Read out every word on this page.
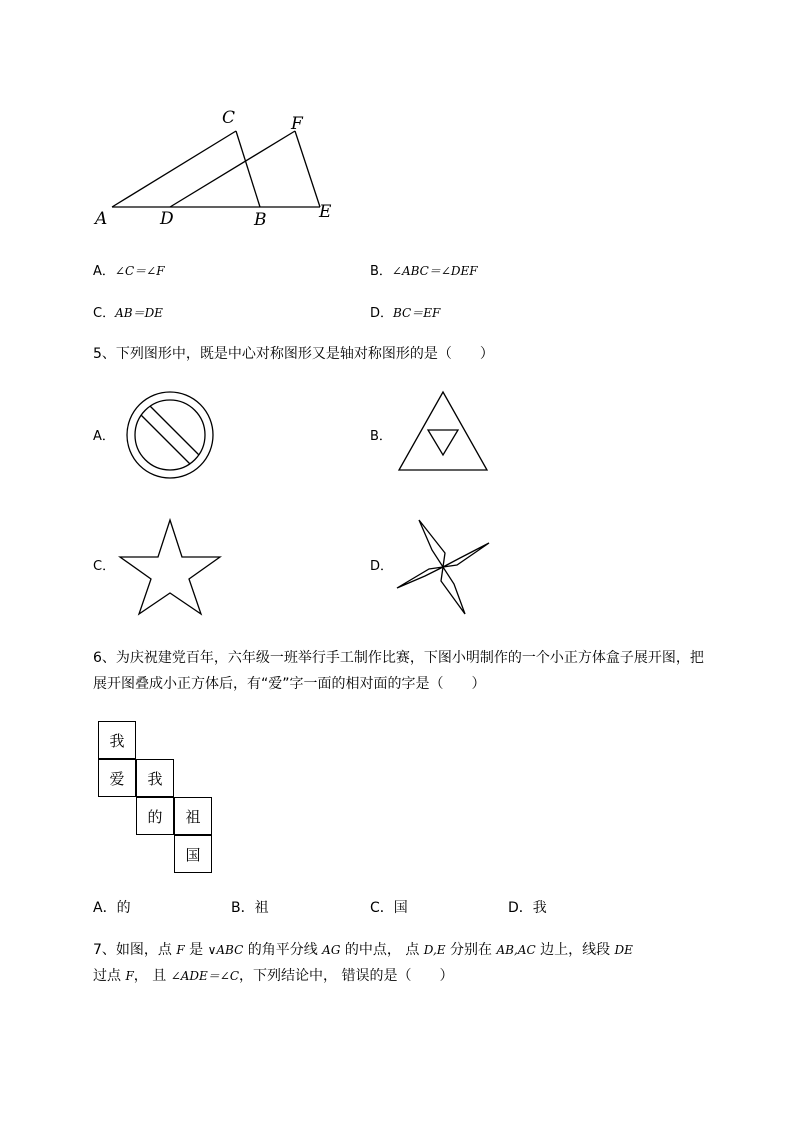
A	D	B	E
C	F
A．∠C＝∠F	B．∠ABC＝∠DEF
C．AB＝DE	D．BC＝EF
5、下列图形中，既是中心对称图形又是轴对称图形的是（　　）
A．	B．
C．	D．
6、为庆祝建党百年，六年级一班举行手工制作比赛，下图小明制作的一个小正方体盒子展开图，把
展开图叠成小正方体后，有“爱”字一面的相对面的字是（　　）
我
爱	我
的	祖
国
A．的	B．祖	C．国	D．我
7、如图，点 F 是 ∨ABC 的角平分线 AG 的中点， 点 D,E 分别在 AB,AC 边上，线段 DE
过点 F， 且 ∠ADE＝∠C，下列结论中， 错误的是（　　）
